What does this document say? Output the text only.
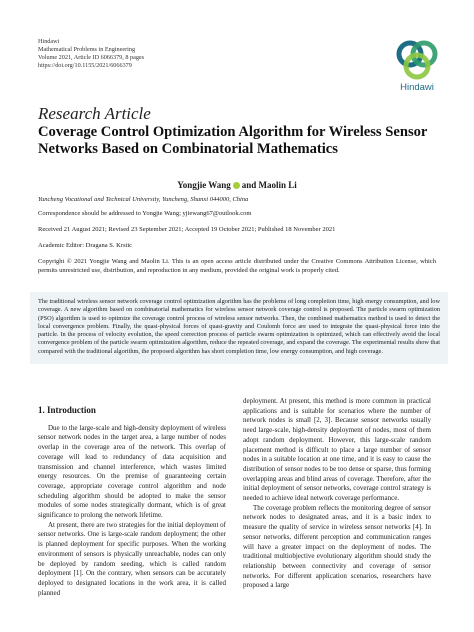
Hindawi
Mathematical Problems in Engineering
Volume 2021, Article ID 6066379, 8 pages
https://doi.org/10.1155/2021/6066379
Hindawi
Research Article
Coverage Control Optimization Algorithm for Wireless Sensor Networks Based on Combinatorial Mathematics
Yongjie Wang and Maolin Li
Yuncheng Vocational and Technical University, Yuncheng, Shanxi 044000, China
Correspondence should be addressed to Yongjie Wang; yjiewang67@outlook.com
Received 21 August 2021; Revised 23 September 2021; Accepted 19 October 2021; Published 18 November 2021
Academic Editor: Dragana S. Krstic
Copyright © 2021 Yongjie Wang and Maolin Li. This is an open access article distributed under the Creative Commons Attribution License, which permits unrestricted use, distribution, and reproduction in any medium, provided the original work is properly cited.
The traditional wireless sensor network coverage control optimization algorithm has the problems of long completion time, high energy consumption, and low coverage. A new algorithm based on combinatorial mathematics for wireless sensor network coverage control is proposed. The particle swarm optimization (PSO) algorithm is used to optimize the coverage control process of wireless sensor networks. Then, the combined mathematics method is used to detect the local convergence problem. Finally, the quasi-physical forces of quasi-gravity and Coulomb force are used to integrate the quasi-physical force into the particle. In the process of velocity evolution, the speed correction process of particle swarm optimization is optimized, which can effectively avoid the local convergence problem of the particle swarm optimization algorithm, reduce the repeated coverage, and expand the coverage. The experimental results show that compared with the traditional algorithm, the proposed algorithm has short completion time, low energy consumption, and high coverage.
1. Introduction

Due to the large-scale and high-density deployment of wireless sensor network nodes in the target area, a large number of nodes overlap in the coverage area of the network. This overlap of coverage will lead to redundancy of data acquisition and transmission and channel interference, which wastes limited energy resources. On the premise of guaranteeing certain coverage, appropriate coverage control algorithm and node scheduling algorithm should be adopted to make the sensor modules of some nodes strategically dormant, which is of great significance to prolong the network lifetime.

At present, there are two strategies for the initial deployment of sensor networks. One is large-scale random deployment; the other is planned deployment for specific purposes. When the working environment of sensors is physically unreachable, nodes can only be deployed by random seeding, which is called random deployment [1]. On the contrary, when sensors can be accurately deployed to designated locations in the work area, it is called planned

deployment. At present, this method is more common in practical applications and is suitable for scenarios where the number of network nodes is small [2, 3]. Because sensor networks usually need large-scale, high-density deployment of nodes, most of them adopt random deployment. However, this large-scale random placement method is difficult to place a large number of sensor nodes in a suitable location at one time, and it is easy to cause the distribution of sensor nodes to be too dense or sparse, thus forming overlapping areas and blind areas of coverage. Therefore, after the initial deployment of sensor networks, coverage control strategy is needed to achieve ideal network coverage performance.

The coverage problem reflects the monitoring degree of sensor network nodes to designated areas, and it is a basic index to measure the quality of service in wireless sensor networks [4]. In sensor networks, different perception and communication ranges will have a greater impact on the deployment of nodes. The traditional multiobjective evolutionary algorithm should study the relationship between connectivity and coverage of sensor networks. For different application scenarios, researchers have proposed a large
